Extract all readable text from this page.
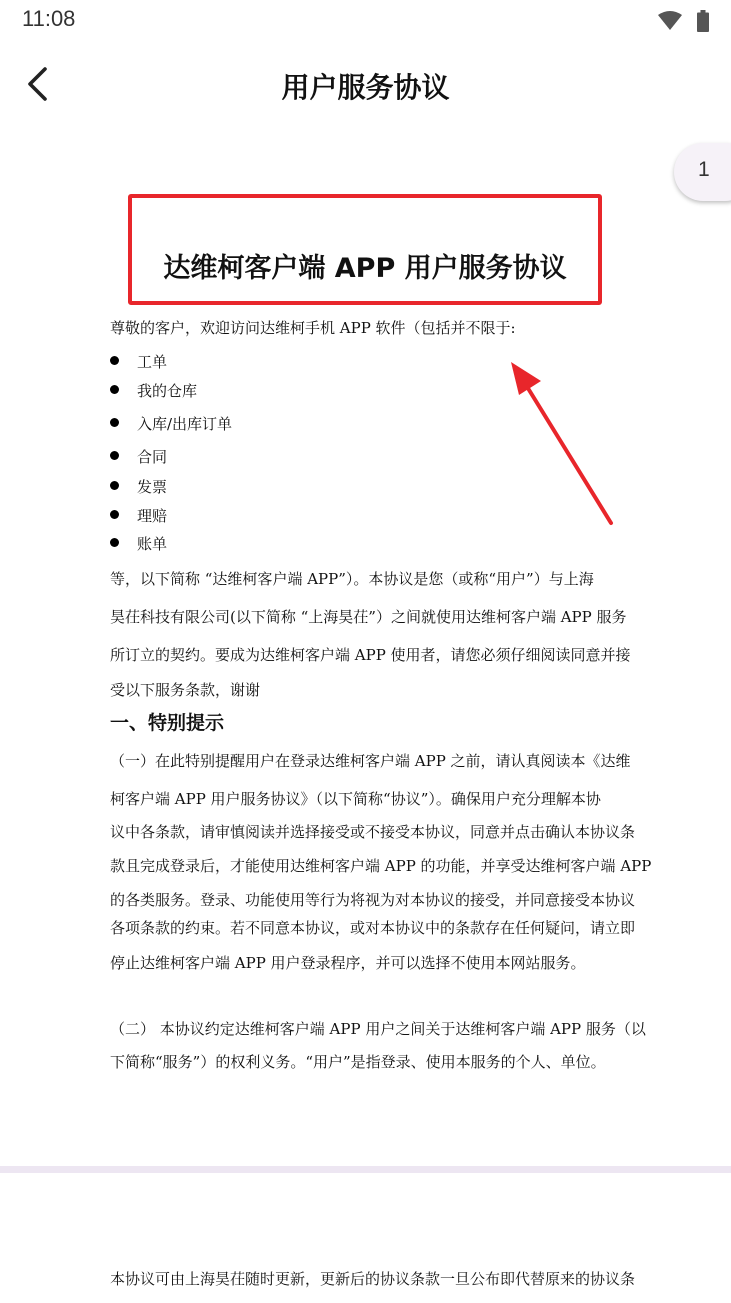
11:08
用户服务协议
1
达维柯客户端 APP 用户服务协议
尊敬的客户，欢迎访问达维柯手机 APP 软件（包括并不限于:
工单
我的仓库
入库/出库订单
合同
发票
理赔
账单
等，以下简称 “达维柯客户端 APP”）。本协议是您（或称“用户”）与上海
昊茌科技有限公司(以下简称 “上海昊茌”）之间就使用达维柯客户端 APP 服务
所订立的契约。要成为达维柯客户端 APP 使用者，请您必须仔细阅读同意并接
受以下服务条款，谢谢
一、特别提示
（一）在此特别提醒用户在登录达维柯客户端 APP 之前，请认真阅读本《达维
柯客户端 APP 用户服务协议》（以下简称“协议”）。确保用户充分理解本协
议中各条款，请审慎阅读并选择接受或不接受本协议，同意并点击确认本协议条
款且完成登录后，才能使用达维柯客户端 APP 的功能，并享受达维柯客户端 APP
的各类服务。登录、功能使用等行为将视为对本协议的接受，并同意接受本协议
各项条款的约束。若不同意本协议，或对本协议中的条款存在任何疑问，请立即
停止达维柯客户端 APP 用户登录程序，并可以选择不使用本网站服务。
（二） 本协议约定达维柯客户端 APP 用户之间关于达维柯客户端 APP 服务（以
下简称“服务”）的权利义务。“用户”是指登录、使用本服务的个人、单位。
本协议可由上海昊茌随时更新，更新后的协议条款一旦公布即代替原来的协议条
